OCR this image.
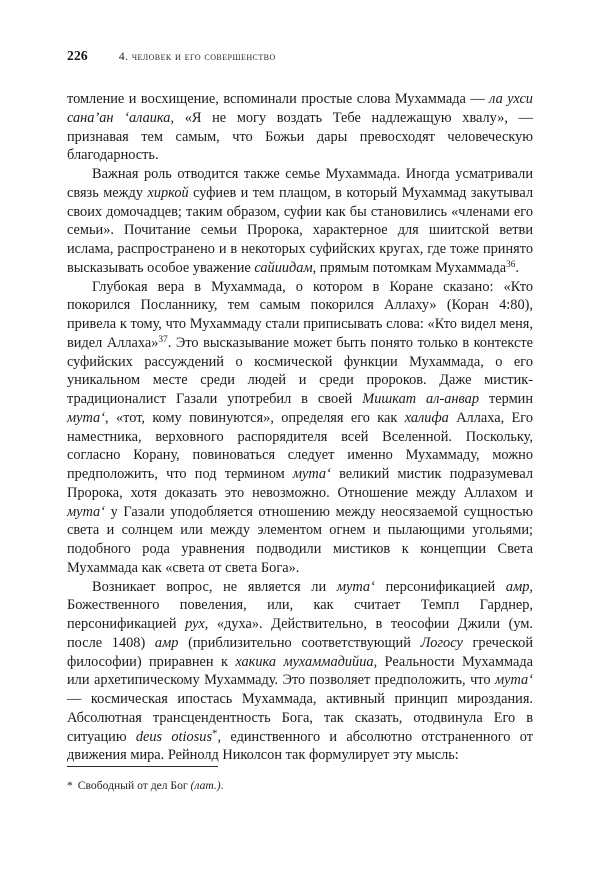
226	4. человек и его совершенство

томление и восхищение, вспоминали простые слова Мухаммада — ла ухси сана’ан ‘алаика, «Я не могу воздать Тебе надлежащую хвалу», — признавая тем самым, что Божьи дары превосходят человеческую благодарность.

Важная роль отводится также семье Мухаммада. Иногда усматривали связь между хиркой суфиев и тем плащом, в который Мухаммад закутывал своих домочадцев; таким образом, суфии как бы становились «членами его семьи». Почитание семьи Пророка, характерное для шиитской ветви ислама, распространено и в некоторых суфийских кругах, где тоже принято высказывать особое уважение сайиидам, прямым потомкам Мухаммада$^{36}$.

Глубокая вера в Мухаммада, о котором в Коране сказано: «Кто покорился Посланнику, тем самым покорился Аллаху» (Коран 4:80), привела к тому, что Мухаммаду стали приписывать слова: «Кто видел меня, видел Аллаха»$^{37}$. Это высказывание может быть понято только в контексте суфийских рассуждений о космической функции Мухаммада, о его уникальном месте среди людей и среди пророков. Даже мистик-традиционалист Газали употребил в своей Мишкат ал-анвар термин мута‘, «тот, кому повинуются», определяя его как халифа Аллаха, Его наместника, верховного распорядителя всей Вселенной. Поскольку, согласно Корану, повиноваться следует именно Мухаммаду, можно предположить, что под термином мута‘ великий мистик подразумевал Пророка, хотя доказать это невозможно. Отношение между Аллахом и мута‘ у Газали уподобляется отношению между неосязаемой сущностью света и солнцем или между элементом огнем и пылающими угольями; подобного рода уравнения подводили мистиков к концепции Света Мухаммада как «света от света Бога».

Возникает вопрос, не является ли мута‘ персонификацией амр, Божественного повеления, или, как считает Темпл Гарднер, персонификацией рух, «духа». Действительно, в теософии Джили (ум. после 1408) амр (приблизительно соответствующий Логосу греческой философии) приравнен к хакика мухаммадийиа, Реальности Мухаммада или архетипическому Мухаммаду. Это позволяет предположить, что мута‘ — космическая ипостась Мухаммада, активный принцип мироздания. Абсолютная трансцендентность Бога, так сказать, отодвинула Его в ситуацию deus otiosus*, единственного и абсолютно отстраненного от движения мира. Рейнолд Николсон так формулирует эту мысль:

* Свободный от дел Бог (лат.).
